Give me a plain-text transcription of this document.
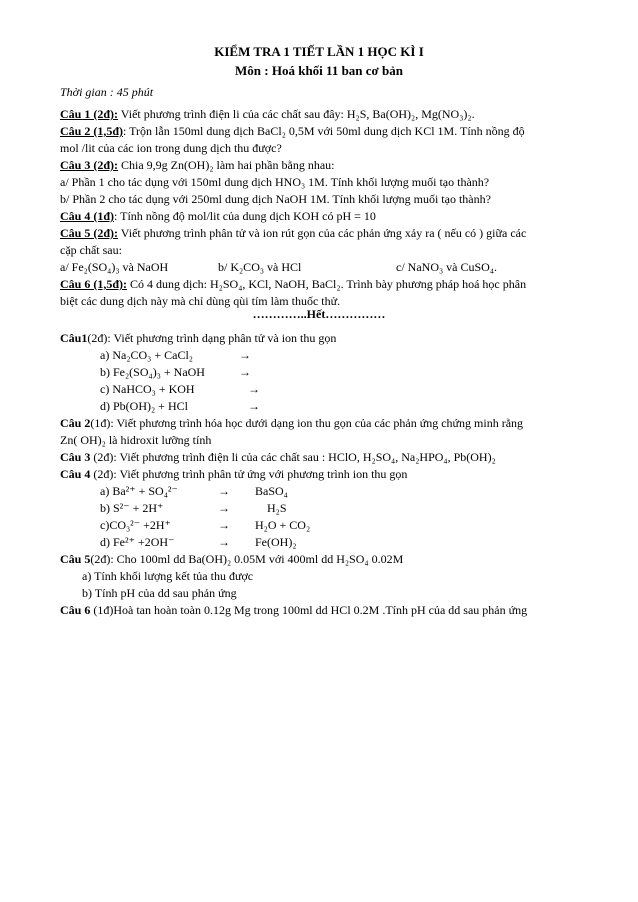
KIỂM TRA 1 TIẾT LẦN 1 HỌC KÌ I
Môn : Hoá khối 11 ban cơ bản
Thời gian : 45 phút
Câu 1 (2đ): Viết phương trình điện li của các chất sau đây: H₂S, Ba(OH)₂, Mg(NO₃)₂.
Câu 2 (1,5đ): Trộn lẫn 150ml dung dịch BaCl₂ 0,5M với 50ml dung dịch KCl 1M. Tính nồng độ
mol /lit của các ion trong dung dịch thu được?
Câu 3 (2đ): Chia 9,9g Zn(OH)₂ làm hai phần bằng nhau:
a/ Phần 1 cho tác dụng với 150ml dung dịch HNO₃ 1M. Tính khối lượng muối tạo thành?
b/ Phần 2 cho tác dụng với 250ml dung dịch NaOH 1M. Tính khối lượng muối tạo thành?
Câu 4 (1đ): Tính nồng độ mol/lit của dung dịch KOH có pH = 10
Câu 5 (2đ): Viết phương trình phân tử và ion rút gọn của các phản ứng xảy ra ( nếu có ) giữa các
cặp chất sau:
a/ Fe₂(SO₄)₃ và NaOH	b/ K₂CO₃ và HCl	c/ NaNO₃ và CuSO₄.
Câu 6 (1,5đ): Có 4 dung dịch: H₂SO₄, KCl, NaOH, BaCl₂. Trình bày phương pháp hoá học phân
biệt các dung dịch này mà chỉ dùng qùi tím làm thuốc thử.
…………..Hết……………
Câu1(2đ): Viết phương trình dạng phân tử và ion thu gọn
a) Na₂CO₃ + CaCl₂	→
b) Fe₂(SO₄)₃ + NaOH	→
c) NaHCO₃ + KOH	→
d) Pb(OH)₂ + HCl	→
Câu 2(1đ): Viết phương trình hóa học dưới dạng ion thu gọn của các phản ứng chứng minh rằng
Zn( OH)₂ là hidroxit lưỡng tính
Câu 3 (2đ): Viết phương trình điện li của các chất sau : HClO, H₂SO₄, Na₂HPO₄, Pb(OH)₂
Câu 4 (2đ): Viết phương trình phân tử ứng với phương trình ion thu gọn
a) Ba²⁺ + SO₄²⁻	→ BaSO₄
b) S²⁻ + 2H⁺	→	H₂S
c)CO₃²⁻ +2H⁺	→ H₂O + CO₂
d) Fe²⁺ +2OH⁻	→ Fe(OH)₂
Câu 5(2đ): Cho 100ml dd Ba(OH)₂ 0.05M với 400ml dd H₂SO₄ 0.02M
a) Tính khối lượng kết tủa thu được
b) Tính pH của dd sau phản ứng
Câu 6 (1đ)Hoà tan hoàn toàn 0.12g Mg trong 100ml dd HCl 0.2M .Tính pH của dd sau phản ứng
